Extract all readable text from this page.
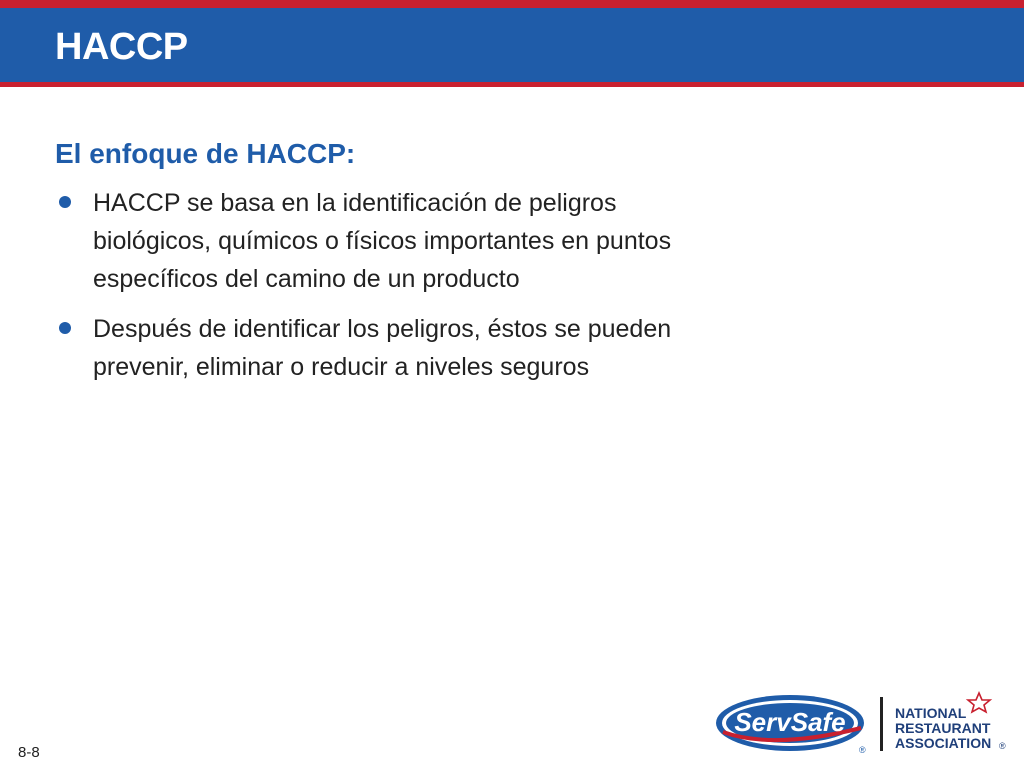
HACCP
El enfoque de HACCP:
HACCP se basa en la identificación de peligros biológicos, químicos o físicos importantes en puntos específicos del camino de un producto
Después de identificar los peligros, éstos se pueden prevenir, eliminar o reducir a niveles seguros
8-8
ServSafe
®
NATIONAL
RESTAURANT
ASSOCIATION ®
